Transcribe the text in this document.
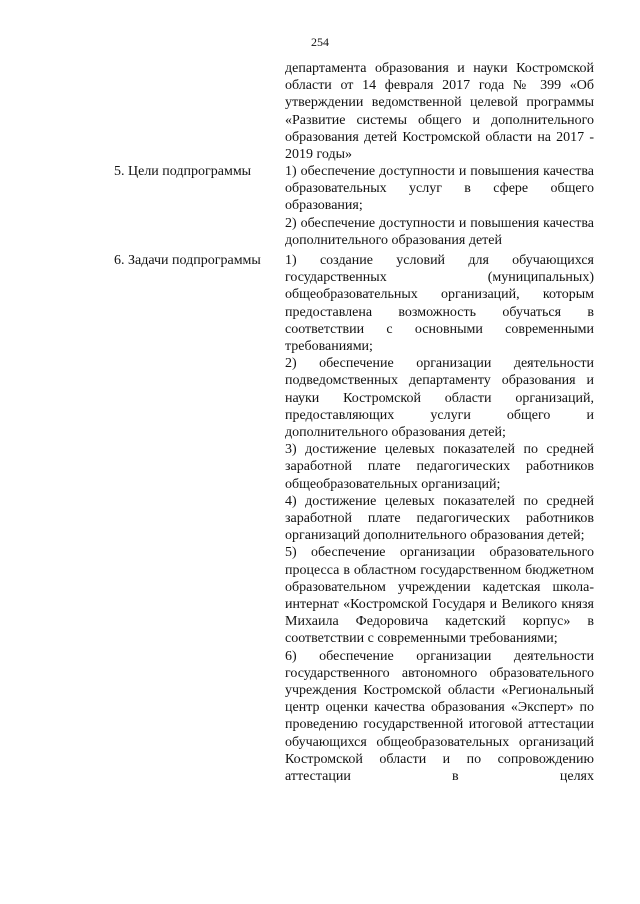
254

департамента образования и науки Костромской области от 14 февраля 2017 года № 399 «Об утверждении ведомственной целевой программы «Развитие системы общего и дополнительного образования детей Костромской области на 2017 - 2019 годы»

5. Цели подпрограммы 1) обеспечение доступности и повышения качества образовательных услуг в сфере общего образования;

2) обеспечение доступности и повышения качества дополнительного образования детей

6. Задачи подпрограммы 1) создание условий для обучающихся государственных (муниципальных) общеобразовательных организаций, которым предоставлена возможность обучаться в соответствии с основными современными требованиями;

2) обеспечение организации деятельности подведомственных департаменту образования и науки Костромской области организаций, предоставляющих услуги общего и дополнительного образования детей;

3) достижение целевых показателей по средней заработной плате педагогических работников общеобразовательных организаций;

4) достижение целевых показателей по средней заработной плате педагогических работников организаций дополнительного образования детей;

5) обеспечение организации образовательного процесса в областном государственном бюджетном образовательном учреждении кадетская школа-интернат «Костромской Государя и Великого князя Михаила Федоровича кадетский корпус» в соответствии с современными требованиями;

6) обеспечение организации деятельности государственного автономного образовательного учреждения Костромской области «Региональный центр оценки качества образования «Эксперт» по проведению государственной итоговой аттестации обучающихся общеобразовательных организаций Костромской области и по сопровождению аттестации в целях
